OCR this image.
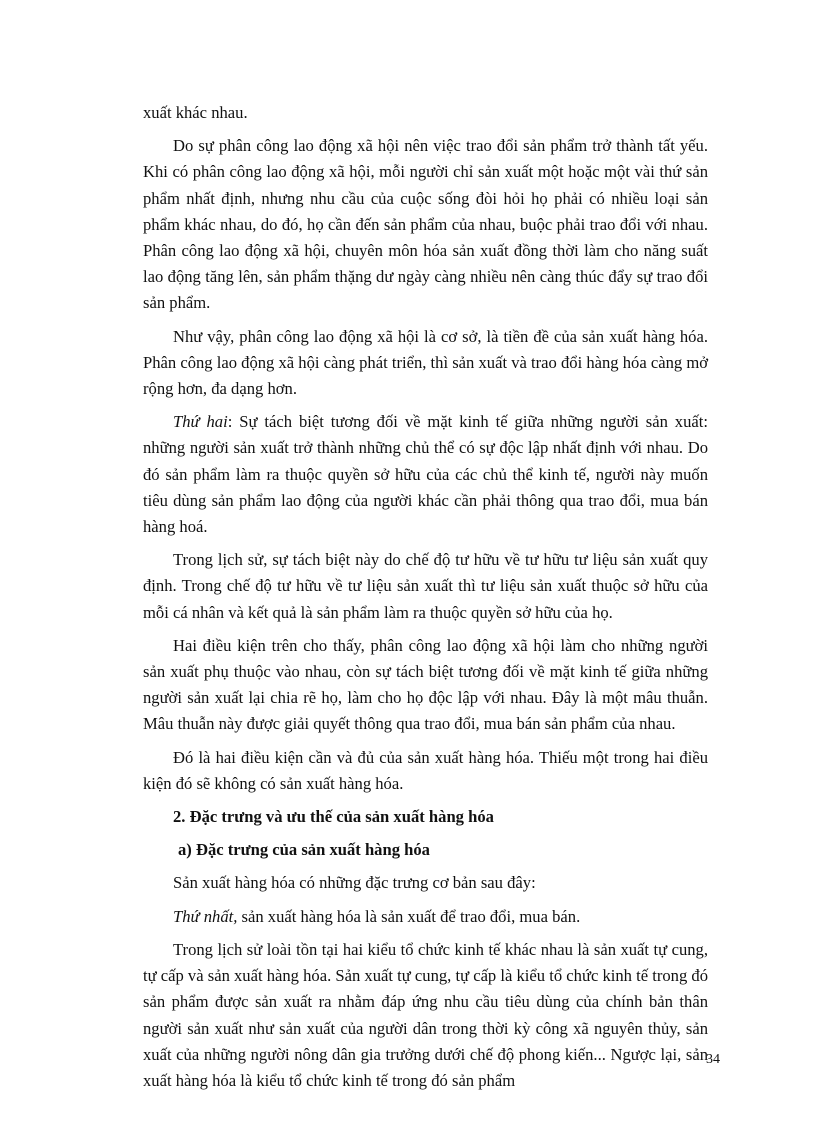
xuất khác nhau.

Do sự phân công lao động xã hội nên việc trao đổi sản phẩm trở thành tất yếu. Khi có phân công lao động xã hội, mỗi người chỉ sản xuất một hoặc một vài thứ sản phẩm nhất định, nhưng nhu cầu của cuộc sống đòi hỏi họ phải có nhiều loại sản phẩm khác nhau, do đó, họ cần đến sản phẩm của nhau, buộc phải trao đổi với nhau. Phân công lao động xã hội, chuyên môn hóa sản xuất đồng thời làm cho năng suất lao động tăng lên, sản phẩm thặng dư ngày càng nhiều nên càng thúc đẩy sự trao đổi sản phẩm.

Như vậy, phân công lao động xã hội là cơ sở, là tiền đề của sản xuất hàng hóa. Phân công lao động xã hội càng phát triển, thì sản xuất và trao đổi hàng hóa càng mở rộng hơn, đa dạng hơn.

Thứ hai: Sự tách biệt tương đối về mặt kinh tế giữa những người sản xuất: những người sản xuất trở thành những chủ thể có sự độc lập nhất định với nhau. Do đó sản phẩm làm ra thuộc quyền sở hữu của các chủ thể kinh tế, người này muốn tiêu dùng sản phẩm lao động của người khác cần phải thông qua trao đổi, mua bán hàng hoá.

Trong lịch sử, sự tách biệt này do chế độ tư hữu về tư hữu tư liệu sản xuất quy định. Trong chế độ tư hữu về tư liệu sản xuất thì tư liệu sản xuất thuộc sở hữu của mỗi cá nhân và kết quả là sản phẩm làm ra thuộc quyền sở hữu của họ.

Hai điều kiện trên cho thấy, phân công lao động xã hội làm cho những người sản xuất phụ thuộc vào nhau, còn sự tách biệt tương đối về mặt kinh tế giữa những người sản xuất lại chia rẽ họ, làm cho họ độc lập với nhau. Đây là một mâu thuẫn. Mâu thuẫn này được giải quyết thông qua trao đổi, mua bán sản phẩm của nhau.

Đó là hai điều kiện cần và đủ của sản xuất hàng hóa. Thiếu một trong hai điều kiện đó sẽ không có sản xuất hàng hóa.

2. Đặc trưng và ưu thế của sản xuất hàng hóa

a) Đặc trưng của sản xuất hàng hóa

Sản xuất hàng hóa có những đặc trưng cơ bản sau đây:

Thứ nhất, sản xuất hàng hóa là sản xuất để trao đổi, mua bán.

Trong lịch sử loài tồn tại hai kiểu tổ chức kinh tế khác nhau là sản xuất tự cung, tự cấp và sản xuất hàng hóa. Sản xuất tự cung, tự cấp là kiểu tổ chức kinh tế trong đó sản phẩm được sản xuất ra nhằm đáp ứng nhu cầu tiêu dùng của chính bản thân người sản xuất như sản xuất của người dân trong thời kỳ công xã nguyên thủy, sản xuất của những người nông dân gia trưởng dưới chế độ phong kiến... Ngược lại, sản xuất hàng hóa là kiểu tổ chức kinh tế trong đó sản phẩm

34
